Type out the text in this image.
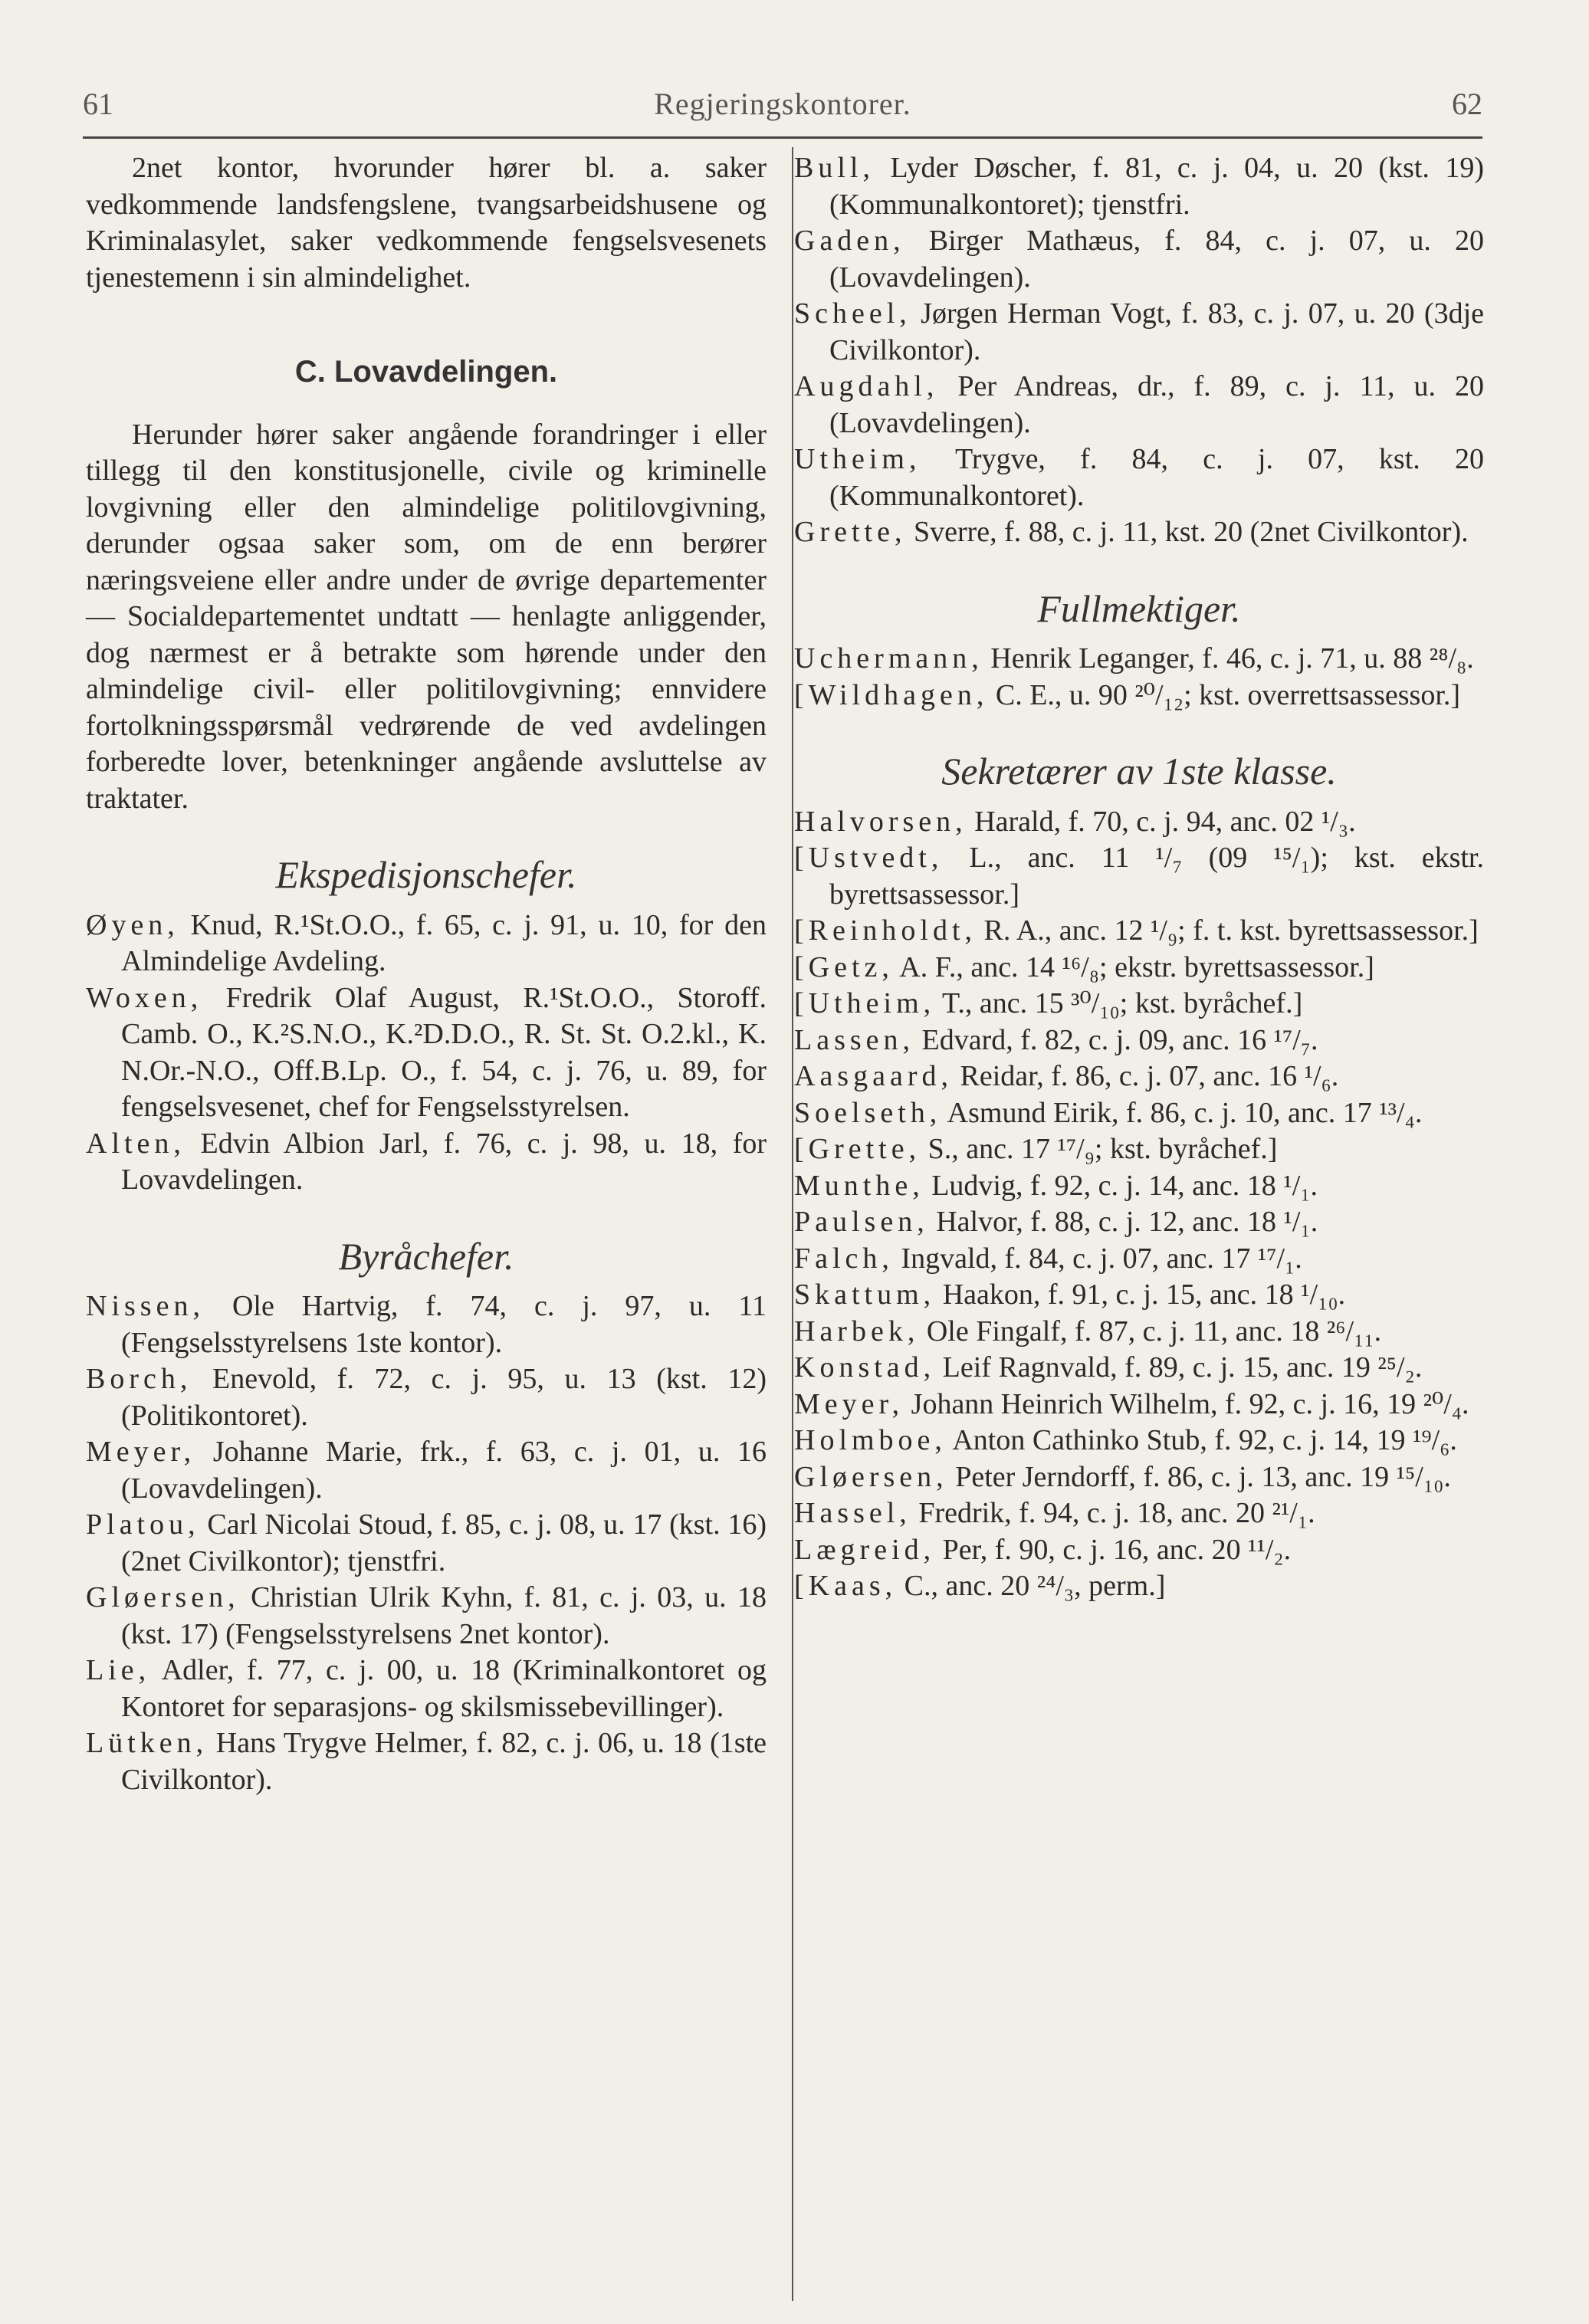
61	Regjeringskontorer.	62

2net kontor, hvorunder hører bl. a. saker vedkommende landsfengslene, tvangsarbeidshusene og Kriminalasylet, saker vedkommende fengselsvesenets tjenestemenn i sin almindelighet.

C. Lovavdelingen.

Herunder hører saker angående forandringer i eller tillegg til den konstitusjonelle, civile og kriminelle lovgivning eller den almindelige politilovgivning, derunder ogsaa saker som, om de enn berører næringsveiene eller andre under de øvrige departementer — Socialdepartementet undtatt — henlagte anliggender, dog nærmest er å betrakte som hørende under den almindelige civil- eller politilovgivning; ennvidere fortolkningsspørsmål vedrørende de ved avdelingen forberedte lover, betenkninger angående avsluttelse av traktater.

Ekspedisjonschefer.

Øyen, Knud, R.¹St.O.O., f. 65, c. j. 91, u. 10, for den Almindelige Avdeling.

Woxen, Fredrik Olaf August, R.¹St.O.O., Storoff. Camb. O., K.²S.N.O., K.²D.D.O., R. St. St. O.2.kl., K. N.Or.-N.O., Off.B.Lp. O., f. 54, c. j. 76, u. 89, for fengselsvesenet, chef for Fengselsstyrelsen.

Alten, Edvin Albion Jarl, f. 76, c. j. 98, u. 18, for Lovavdelingen.

Byråchefer.

Nissen, Ole Hartvig, f. 74, c. j. 97, u. 11 (Fengselsstyrelsens 1ste kontor).

Borch, Enevold, f. 72, c. j. 95, u. 13 (kst. 12) (Politikontoret).

Meyer, Johanne Marie, frk., f. 63, c. j. 01, u. 16 (Lovavdelingen).

Platou, Carl Nicolai Stoud, f. 85, c. j. 08, u. 17 (kst. 16) (2net Civilkontor); tjenstfri.

Gløersen, Christian Ulrik Kyhn, f. 81, c. j. 03, u. 18 (kst. 17) (Fengselsstyrelsens 2net kontor).

Lie, Adler, f. 77, c. j. 00, u. 18 (Kriminalkontoret og Kontoret for separasjons- og skilsmissebevillinger).

Lütken, Hans Trygve Helmer, f. 82, c. j. 06, u. 18 (1ste Civilkontor).

Bull, Lyder Døscher, f. 81, c. j. 04, u. 20 (kst. 19) (Kommunalkontoret); tjenstfri.

Gaden, Birger Mathæus, f. 84, c. j. 07, u. 20 (Lovavdelingen).

Scheel, Jørgen Herman Vogt, f. 83, c. j. 07, u. 20 (3dje Civilkontor).

Augdahl, Per Andreas, dr., f. 89, c. j. 11, u. 20 (Lovavdelingen).

Utheim, Trygve, f. 84, c. j. 07, kst. 20 (Kommunalkontoret).

Grette, Sverre, f. 88, c. j. 11, kst. 20 (2net Civilkontor).

Fullmektiger.

Uchermann, Henrik Leganger, f. 46, c. j. 71, u. 88 ²⁸/₈.

[Wildhagen, C. E., u. 90 ²⁰/₁₂; kst. overrettsassessor.]

Sekretærer av 1ste klasse.

Halvorsen, Harald, f. 70, c. j. 94, anc. 02 ¹/₃.

[Ustvedt, L., anc. 11 ¹/₇ (09 ¹⁵/₁); kst. ekstr. byrettsassessor.]

[Reinholdt, R. A., anc. 12 ¹/₉; f. t. kst. byrettsassessor.]

[Getz, A. F., anc. 14 ¹⁶/₈; ekstr. byrettsassessor.]

[Utheim, T., anc. 15 ³⁰/₁₀; kst. byråchef.]

Lassen, Edvard, f. 82, c. j. 09, anc. 16 ¹⁷/₇.

Aasgaard, Reidar, f. 86, c. j. 07, anc. 16 ¹/₆.

Soelseth, Asmund Eirik, f. 86, c. j. 10, anc. 17 ¹³/₄.

[Grette, S., anc. 17 ¹⁷/₉; kst. byråchef.]

Munthe, Ludvig, f. 92, c. j. 14, anc. 18 ¹/₁.

Paulsen, Halvor, f. 88, c. j. 12, anc. 18 ¹/₁.

Falch, Ingvald, f. 84, c. j. 07, anc. 17 ¹⁷/₁.

Skattum, Haakon, f. 91, c. j. 15, anc. 18 ¹/₁₀.

Harbek, Ole Fingalf, f. 87, c. j. 11, anc. 18 ²⁶/₁₁.

Konstad, Leif Ragnvald, f. 89, c. j. 15, anc. 19 ²⁵/₂.

Meyer, Johann Heinrich Wilhelm, f. 92, c. j. 16, 19 ²⁰/₄.

Holmboe, Anton Cathinko Stub, f. 92, c. j. 14, 19 ¹⁹/₆.

Gløersen, Peter Jerndorff, f. 86, c. j. 13, anc. 19 ¹⁵/₁₀.

Hassel, Fredrik, f. 94, c. j. 18, anc. 20 ²¹/₁.

Lægreid, Per, f. 90, c. j. 16, anc. 20 ¹¹/₂.

[Kaas, C., anc. 20 ²⁴/₃, perm.]
